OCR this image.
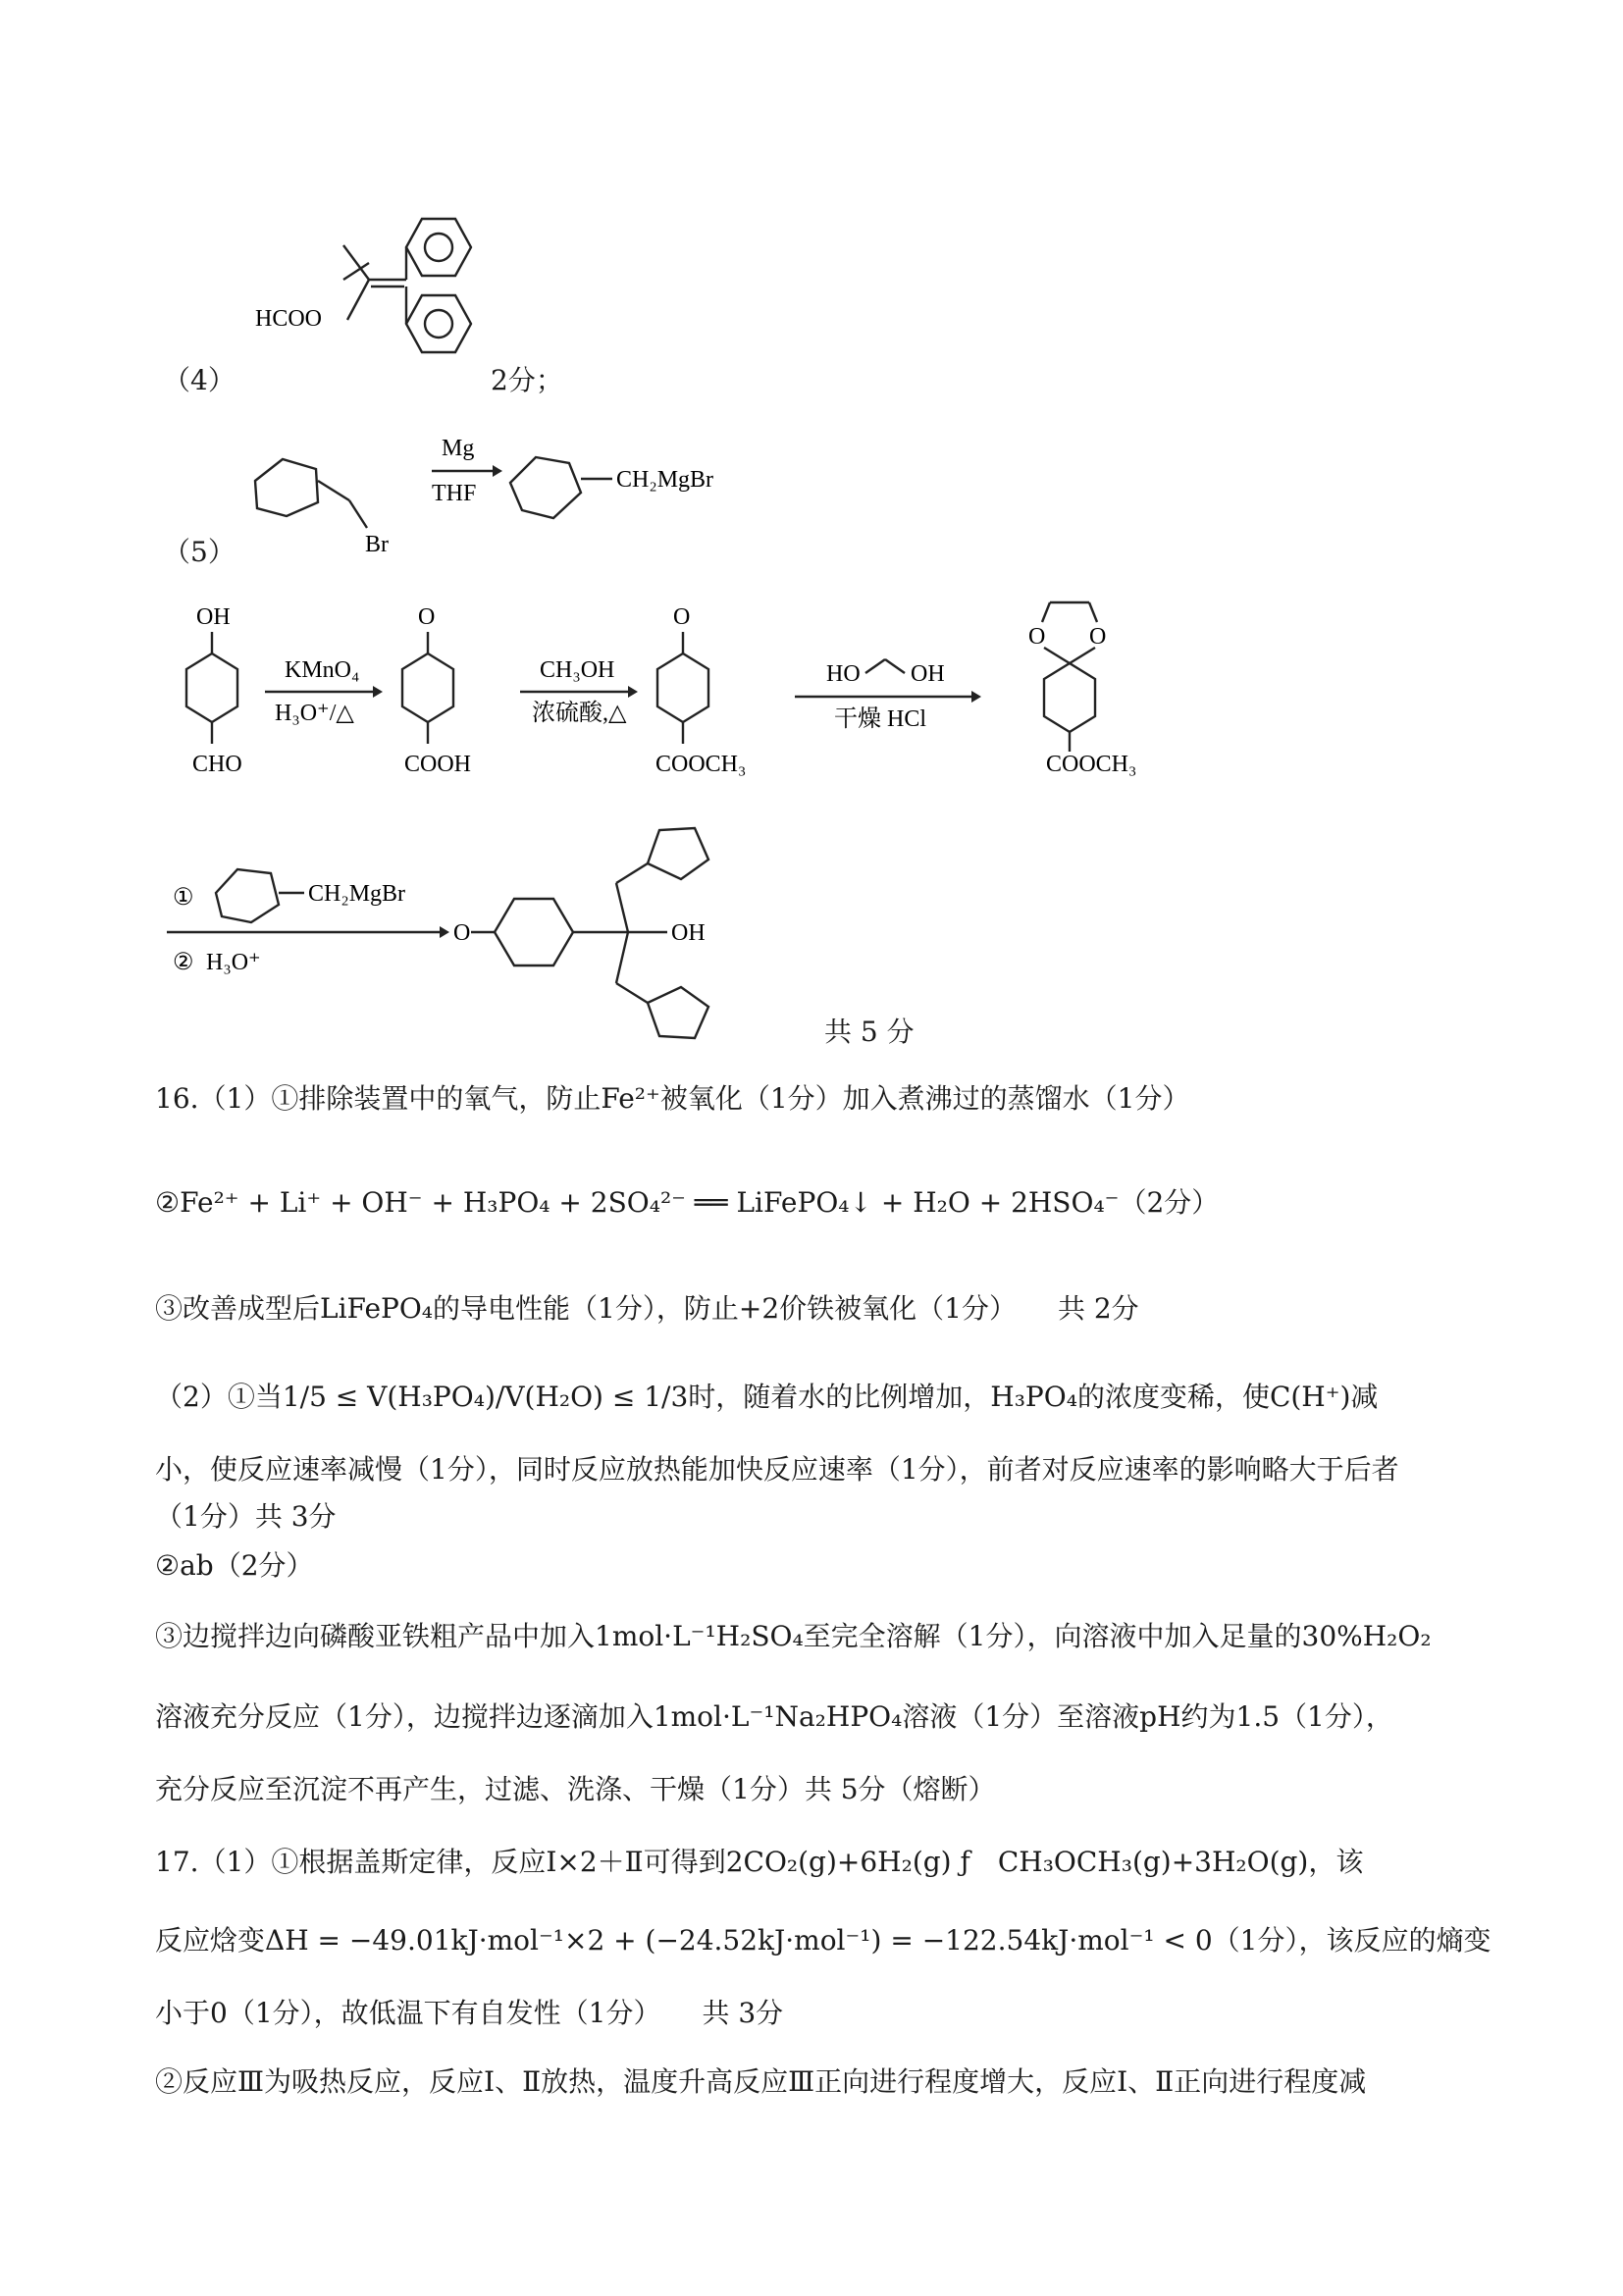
（4）
HCOO
2分；
（5）	Br
Mg
THF
CH₂MgBr
OH
CHO
KMnO₄
H₃O⁺/△
O
COOH
CH₃OH
浓硫酸,△
O
COOCH₃
HO OH
干燥 HCl
O O
COOCH₃
①	CH₂MgBr
② H₃O⁺
O	OH
共 5 分
16.（1）①排除装置中的氧气，防止Fe²⁺被氧化（1分）加入煮沸过的蒸馏水（1分）
②Fe²⁺ + Li⁺ + OH⁻ + H₃PO₄ + 2SO₄²⁻ ══ LiFePO₄↓ + H₂O + 2HSO₄⁻（2分）
③改善成型后LiFePO₄的导电性能（1分），防止+2价铁被氧化（1分）　　共 2分
（2）①当1/5 ≤ V(H₃PO₄)/V(H₂O) ≤ 1/3时，随着水的比例增加，H₃PO₄的浓度变稀，使C(H⁺)减
小，使反应速率减慢（1分），同时反应放热能加快反应速率（1分），前者对反应速率的影响略大于后者
（1分）共 3分
②ab（2分）
③边搅拌边向磷酸亚铁粗产品中加入1mol·L⁻¹H₂SO₄至完全溶解（1分），向溶液中加入足量的30%H₂O₂
溶液充分反应（1分），边搅拌边逐滴加入1mol·L⁻¹Na₂HPO₄溶液（1分）至溶液pH约为1.5（1分），
充分反应至沉淀不再产生，过滤、洗涤、干燥（1分）共 5分（熔断）
17.（1）①根据盖斯定律，反应Ⅰ×2＋Ⅱ可得到2CO₂(g)+6H₂(g) ƒ　CH₃OCH₃(g)+3H₂O(g)，该
反应焓变ΔH = −49.01kJ·mol⁻¹×2 + (−24.52kJ·mol⁻¹) = −122.54kJ·mol⁻¹ < 0（1分），该反应的熵变
小于0（1分），故低温下有自发性（1分）　　共 3分
②反应Ⅲ为吸热反应，反应Ⅰ、Ⅱ放热，温度升高反应Ⅲ正向进行程度增大，反应Ⅰ、Ⅱ正向进行程度减
